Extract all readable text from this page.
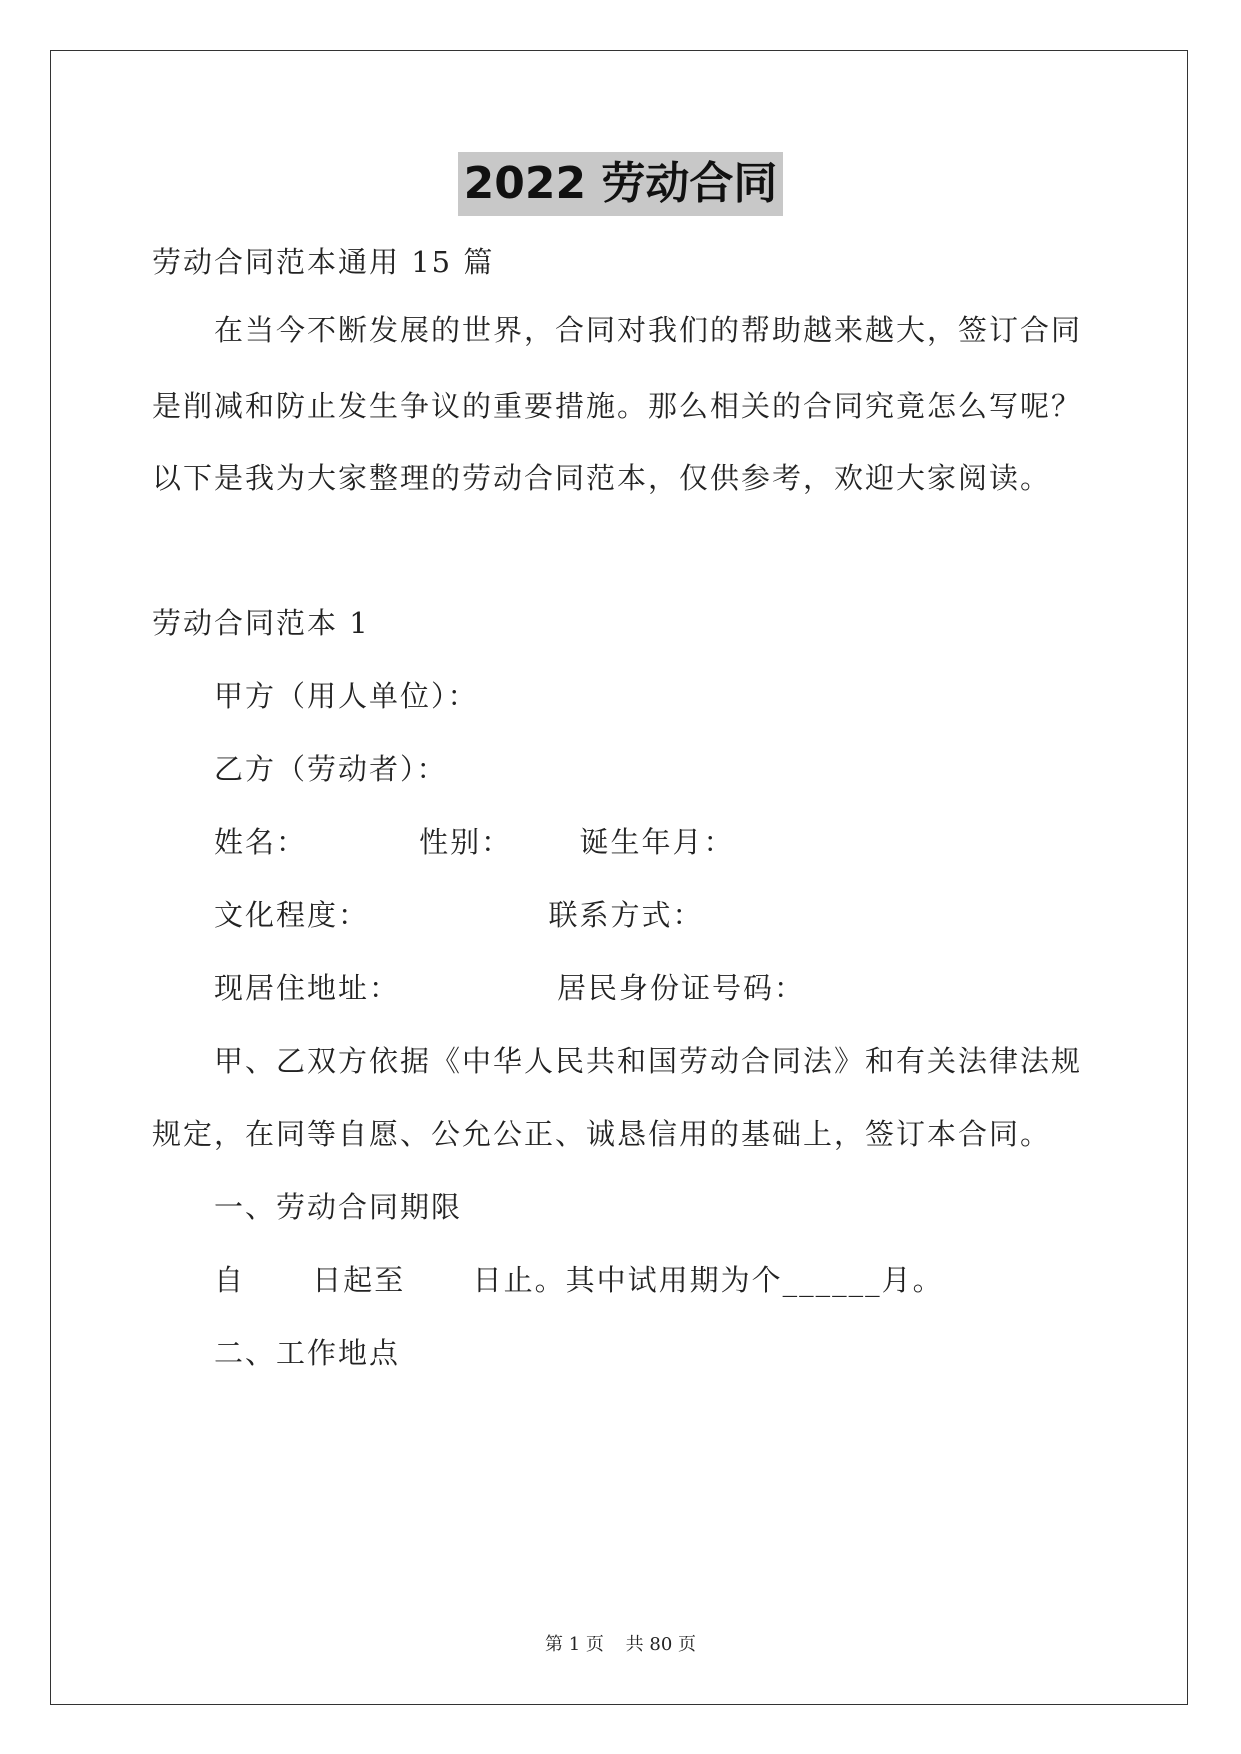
2022 劳动合同
劳动合同范本通用 15 篇
在当今不断发展的世界，合同对我们的帮助越来越大，签订合同
是削减和防止发生争议的重要措施。那么相关的合同究竟怎么写呢？
以下是我为大家整理的劳动合同范本，仅供参考，欢迎大家阅读。
劳动合同范本 1
甲方（用人单位）：
乙方（劳动者）：
姓名：          性别：      诞生年月：
文化程度：                联系方式：
现居住地址：              居民身份证号码：
甲、乙双方依据《中华人民共和国劳动合同法》和有关法律法规
规定，在同等自愿、公允公正、诚恳信用的基础上，签订本合同。
一、劳动合同期限
自      日起至      日止。其中试用期为个______月。
二、工作地点
第 1 页 共 80 页
